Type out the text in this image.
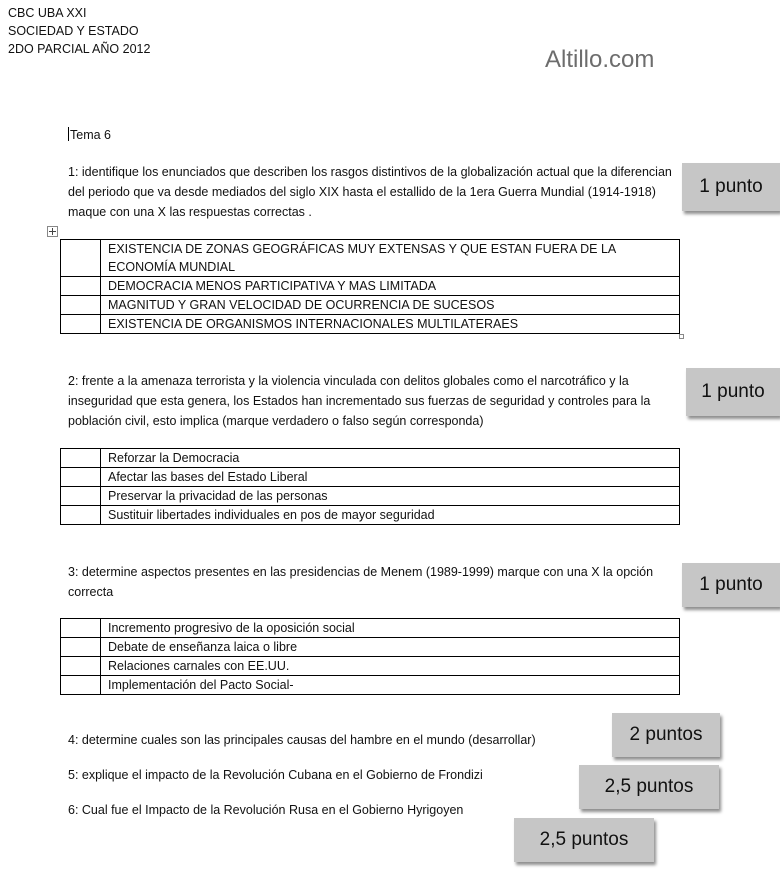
CBC UBA XXI
SOCIEDAD Y ESTADO
2DO PARCIAL AÑO 2012	Altillo.com
Tema 6

1: identifique los enunciados que describen los rasgos distintivos de la globalización actual que la diferencian del periodo que va desde mediados del siglo XIX hasta el estallido de la 1era Guerra Mundial (1914-1918) maque con una X las respuestas correctas .

1 punto
	EXISTENCIA DE ZONAS GEOGRÁFICAS MUY EXTENSAS Y QUE ESTAN FUERA DE LA ECONOMÍA MUNDIAL
	DEMOCRACIA MENOS PARTICIPATIVA Y MAS LIMITADA
	MAGNITUD Y GRAN VELOCIDAD DE OCURRENCIA DE SUCESOS
	EXISTENCIA DE ORGANISMOS INTERNACIONALES MULTILATERAES

2: frente a la amenaza terrorista y la violencia vinculada con delitos globales como el narcotráfico y la inseguridad que esta genera, los Estados han incrementado sus fuerzas de seguridad y controles para la población civil, esto implica (marque verdadero o falso según corresponda)

1 punto
	Reforzar la Democracia
	Afectar las bases del Estado Liberal
	Preservar la privacidad de las personas
	Sustituir libertades individuales en pos de mayor seguridad

3: determine aspectos presentes en las presidencias de Menem (1989-1999) marque con una X la opción correcta	1 punto
	Incremento progresivo de la oposición social
	Debate de enseñanza laica o libre
	Relaciones carnales con EE.UU.
	Implementación del Pacto Social-

4: determine cuales son las principales causas del hambre en el mundo (desarrollar)	2 puntos

5: explique el impacto de la Revolución Cubana en el Gobierno de Frondizi

2,5 puntos

6: Cual fue el Impacto de la Revolución Rusa en el Gobierno Hyrigoyen

2,5 puntos
